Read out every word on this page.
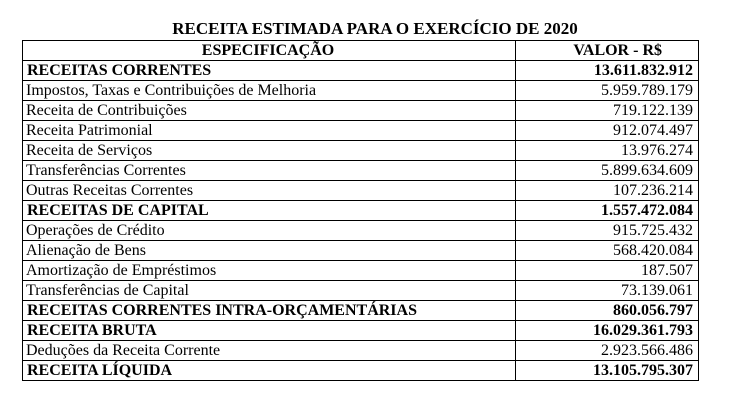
RECEITA ESTIMADA PARA O EXERCÍCIO DE 2020
ESPECIFICAÇÃO	VALOR - R$
RECEITAS CORRENTES	13.611.832.912
Impostos, Taxas e Contribuições de Melhoria	5.959.789.179
Receita de Contribuições	719.122.139
Receita Patrimonial	912.074.497
Receita de Serviços	13.976.274
Transferências Correntes	5.899.634.609
Outras Receitas Correntes	107.236.214
RECEITAS DE CAPITAL	1.557.472.084
Operações de Crédito	915.725.432
Alienação de Bens	568.420.084
Amortização de Empréstimos	187.507
Transferências de Capital	73.139.061
RECEITAS CORRENTES INTRA-ORÇAMENTÁRIAS	860.056.797
RECEITA BRUTA	16.029.361.793
Deduções da Receita Corrente	2.923.566.486
RECEITA LÍQUIDA	13.105.795.307
